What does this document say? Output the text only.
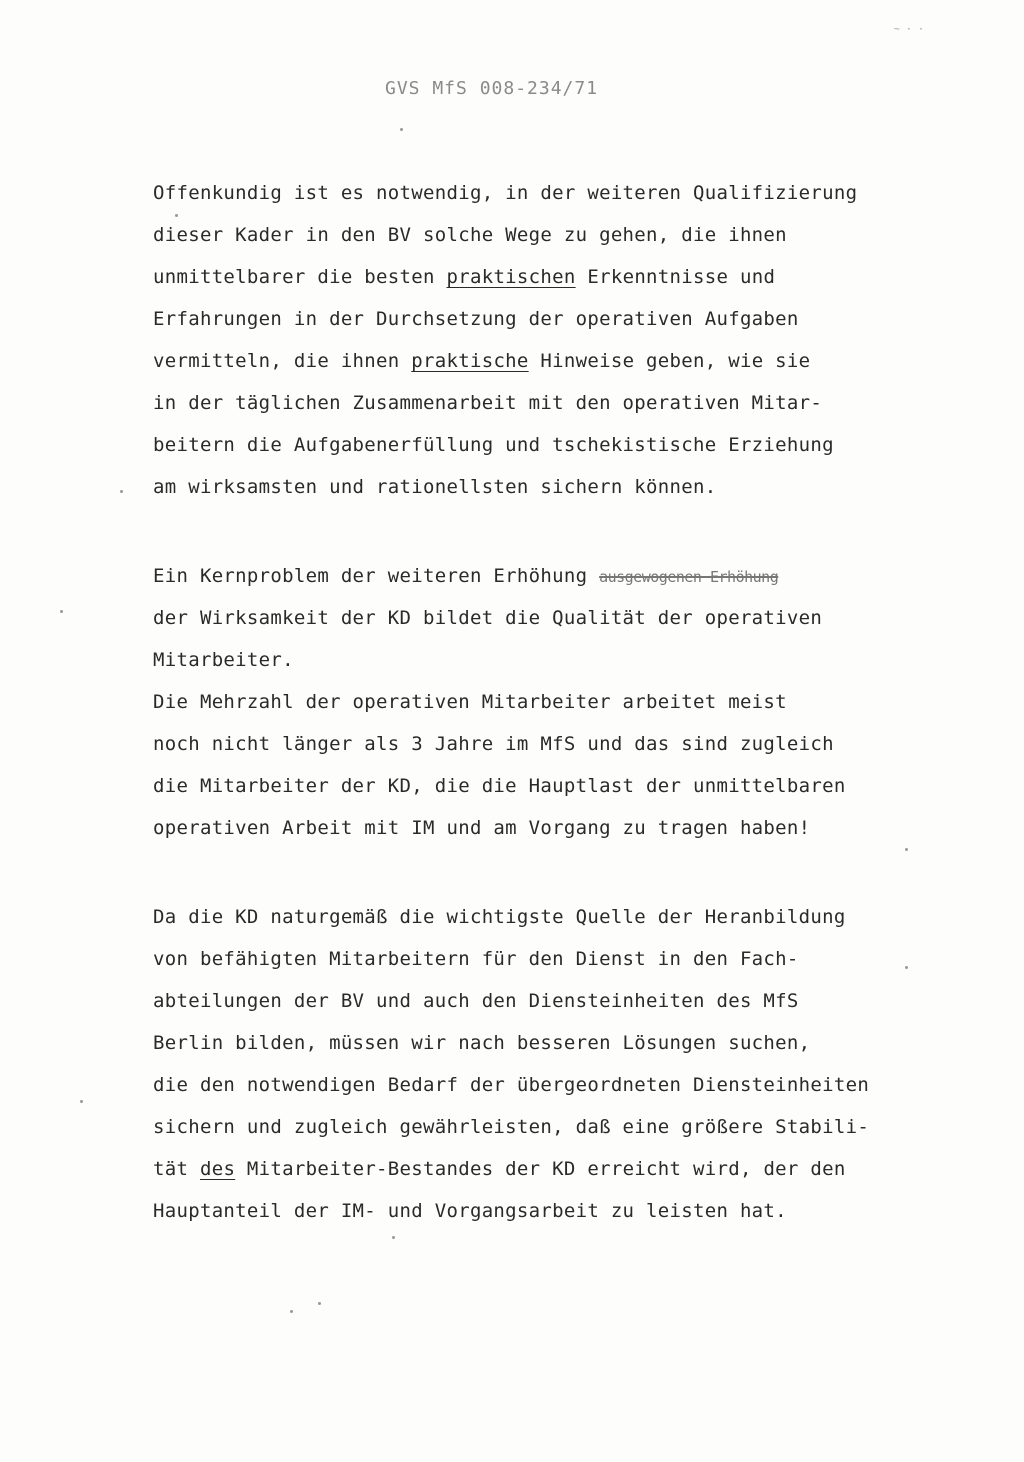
~ · ·
GVS MfS 008-234/71
Offenkundig ist es notwendig, in der weiteren Qualifizierung
dieser Kader in den BV solche Wege zu gehen, die ihnen
unmittelbarer die besten praktischen Erkenntnisse und
Erfahrungen in der Durchsetzung der operativen Aufgaben
vermitteln, die ihnen praktische Hinweise geben, wie sie
in der täglichen Zusammenarbeit mit den operativen Mitar-
beitern die Aufgabenerfüllung und tschekistische Erziehung
am wirksamsten und rationellsten sichern können.
Ein Kernproblem der weiteren Erhöhung ausgewogenen Erhöhung
der Wirksamkeit der KD bildet die Qualität der operativen
Mitarbeiter.
Die Mehrzahl der operativen Mitarbeiter arbeitet meist
noch nicht länger als 3 Jahre im MfS und das sind zugleich
die Mitarbeiter der KD, die die Hauptlast der unmittelbaren
operativen Arbeit mit IM und am Vorgang zu tragen haben!
Da die KD naturgemäß die wichtigste Quelle der Heranbildung
von befähigten Mitarbeitern für den Dienst in den Fach-
abteilungen der BV und auch den Diensteinheiten des MfS
Berlin bilden, müssen wir nach besseren Lösungen suchen,
die den notwendigen Bedarf der übergeordneten Diensteinheiten
sichern und zugleich gewährleisten, daß eine größere Stabili-
tät des Mitarbeiter-Bestandes der KD erreicht wird, der den
Hauptanteil der IM- und Vorgangsarbeit zu leisten hat.
